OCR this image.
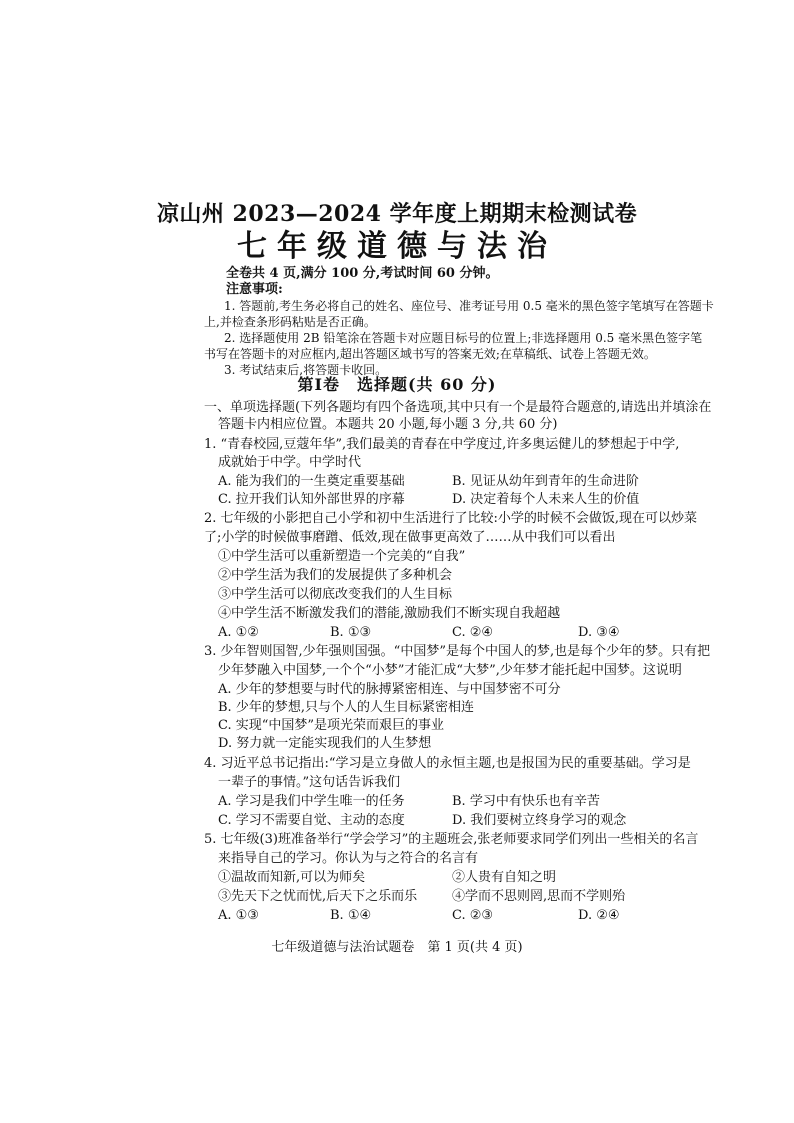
凉山州 2023—2024 学年度上期期末检测试卷
七年级道德与法治
全卷共 4 页,满分 100 分,考试时间 60 分钟。
注意事项:
1. 答题前,考生务必将自己的姓名、座位号、准考证号用 0.5 毫米的黑色签字笔填写在答题卡
上,并检查条形码粘贴是否正确。
2. 选择题使用 2B 铅笔涂在答题卡对应题目标号的位置上;非选择题用 0.5 毫米黑色签字笔
书写在答题卡的对应框内,超出答题区域书写的答案无效;在草稿纸、试卷上答题无效。
3. 考试结束后,将答题卡收回。
第Ⅰ卷　选择题(共 60 分)
一、单项选择题(下列各题均有四个备选项,其中只有一个是最符合题意的,请选出并填涂在
答题卡内相应位置。本题共 20 小题,每小题 3 分,共 60 分)
1. “青春校园,豆蔻年华”,我们最美的青春在中学度过,许多奥运健儿的梦想起于中学,
成就始于中学。中学时代
A. 能为我们的一生奠定重要基础	B. 见证从幼年到青年的生命进阶
C. 拉开我们认知外部世界的序幕	D. 决定着每个人未来人生的价值
2. 七年级的小影把自己小学和初中生活进行了比较:小学的时候不会做饭,现在可以炒菜
了;小学的时候做事磨蹭、低效,现在做事更高效了……从中我们可以看出
①中学生活可以重新塑造一个完美的“自我”
②中学生活为我们的发展提供了多种机会
③中学生活可以彻底改变我们的人生目标
④中学生活不断激发我们的潜能,激励我们不断实现自我超越
A. ①②	B. ①③	C. ②④	D. ③④
3. 少年智则国智,少年强则国强。“中国梦”是每个中国人的梦,也是每个少年的梦。只有把
少年梦融入中国梦,一个个“小梦”才能汇成“大梦”,少年梦才能托起中国梦。这说明
A. 少年的梦想要与时代的脉搏紧密相连、与中国梦密不可分
B. 少年的梦想,只与个人的人生目标紧密相连
C. 实现“中国梦”是项光荣而艰巨的事业
D. 努力就一定能实现我们的人生梦想
4. 习近平总书记指出:“学习是立身做人的永恒主题,也是报国为民的重要基础。学习是
一辈子的事情。”这句话告诉我们
A. 学习是我们中学生唯一的任务	B. 学习中有快乐也有辛苦
C. 学习不需要自觉、主动的态度	D. 我们要树立终身学习的观念
5. 七年级(3)班准备举行“学会学习”的主题班会,张老师要求同学们列出一些相关的名言
来指导自己的学习。你认为与之符合的名言有
①温故而知新,可以为师矣	②人贵有自知之明
③先天下之忧而忧,后天下之乐而乐	④学而不思则罔,思而不学则殆
A. ①③	B. ①④	C. ②③	D. ②④
七年级道德与法治试题卷　第 1 页(共 4 页)
